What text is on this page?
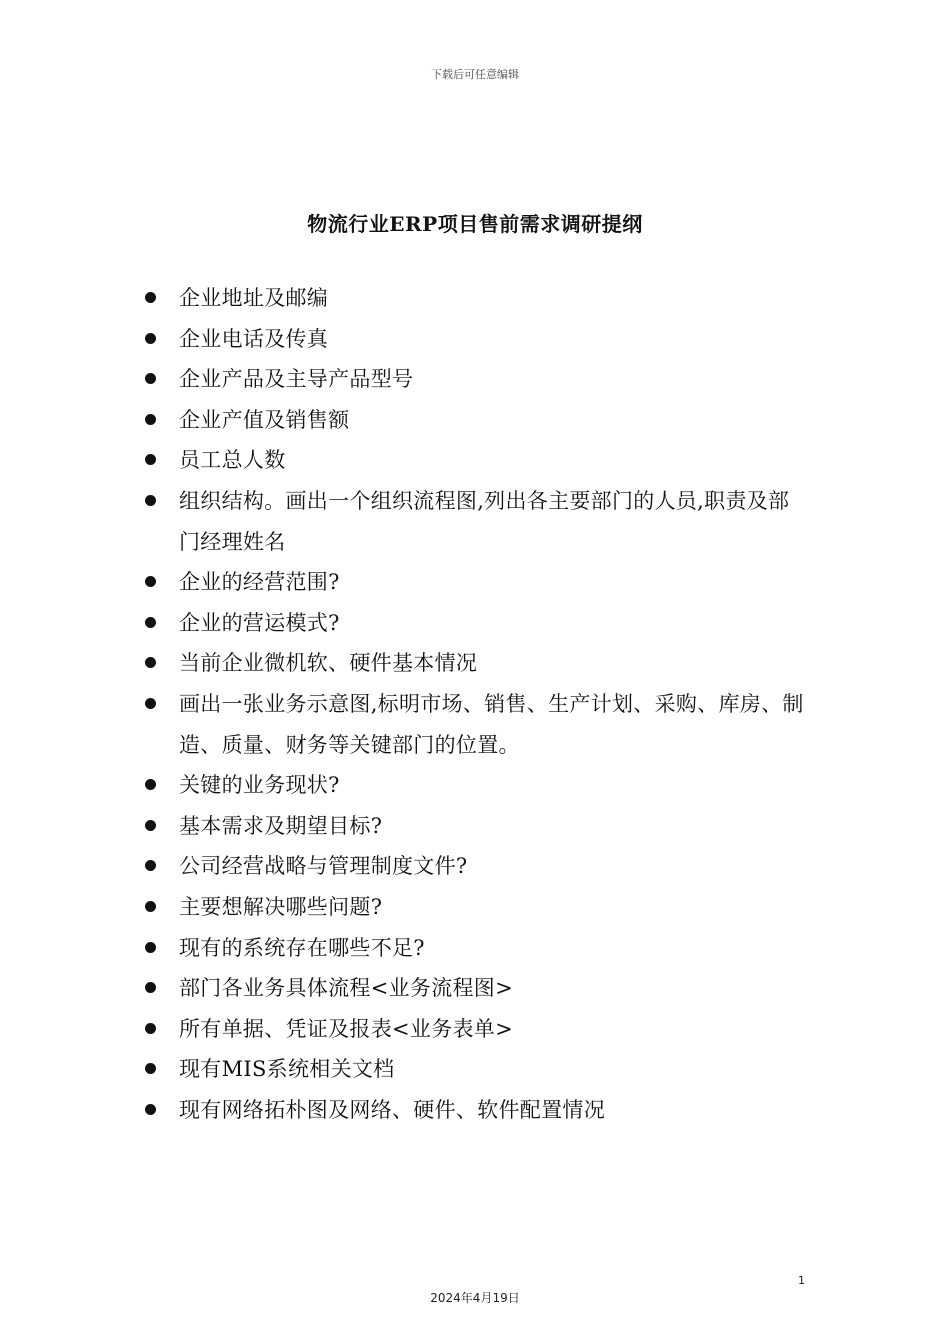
下载后可任意编辑
物流行业ERP项目售前需求调研提纲
企业地址及邮编
企业电话及传真
企业产品及主导产品型号
企业产值及销售额
员工总人数
组织结构。画出一个组织流程图,列出各主要部门的人员,职责及部门经理姓名
企业的经营范围?
企业的营运模式?
当前企业微机软、硬件基本情况
画出一张业务示意图,标明市场、销售、生产计划、采购、库房、制造、质量、财务等关键部门的位置。
关键的业务现状?
基本需求及期望目标?
公司经营战略与管理制度文件?
主要想解决哪些问题?
现有的系统存在哪些不足?
部门各业务具体流程<业务流程图>
所有单据、凭证及报表<业务表单>
现有MIS系统相关文档
现有网络拓朴图及网络、硬件、软件配置情况
1
2024年4月19日
